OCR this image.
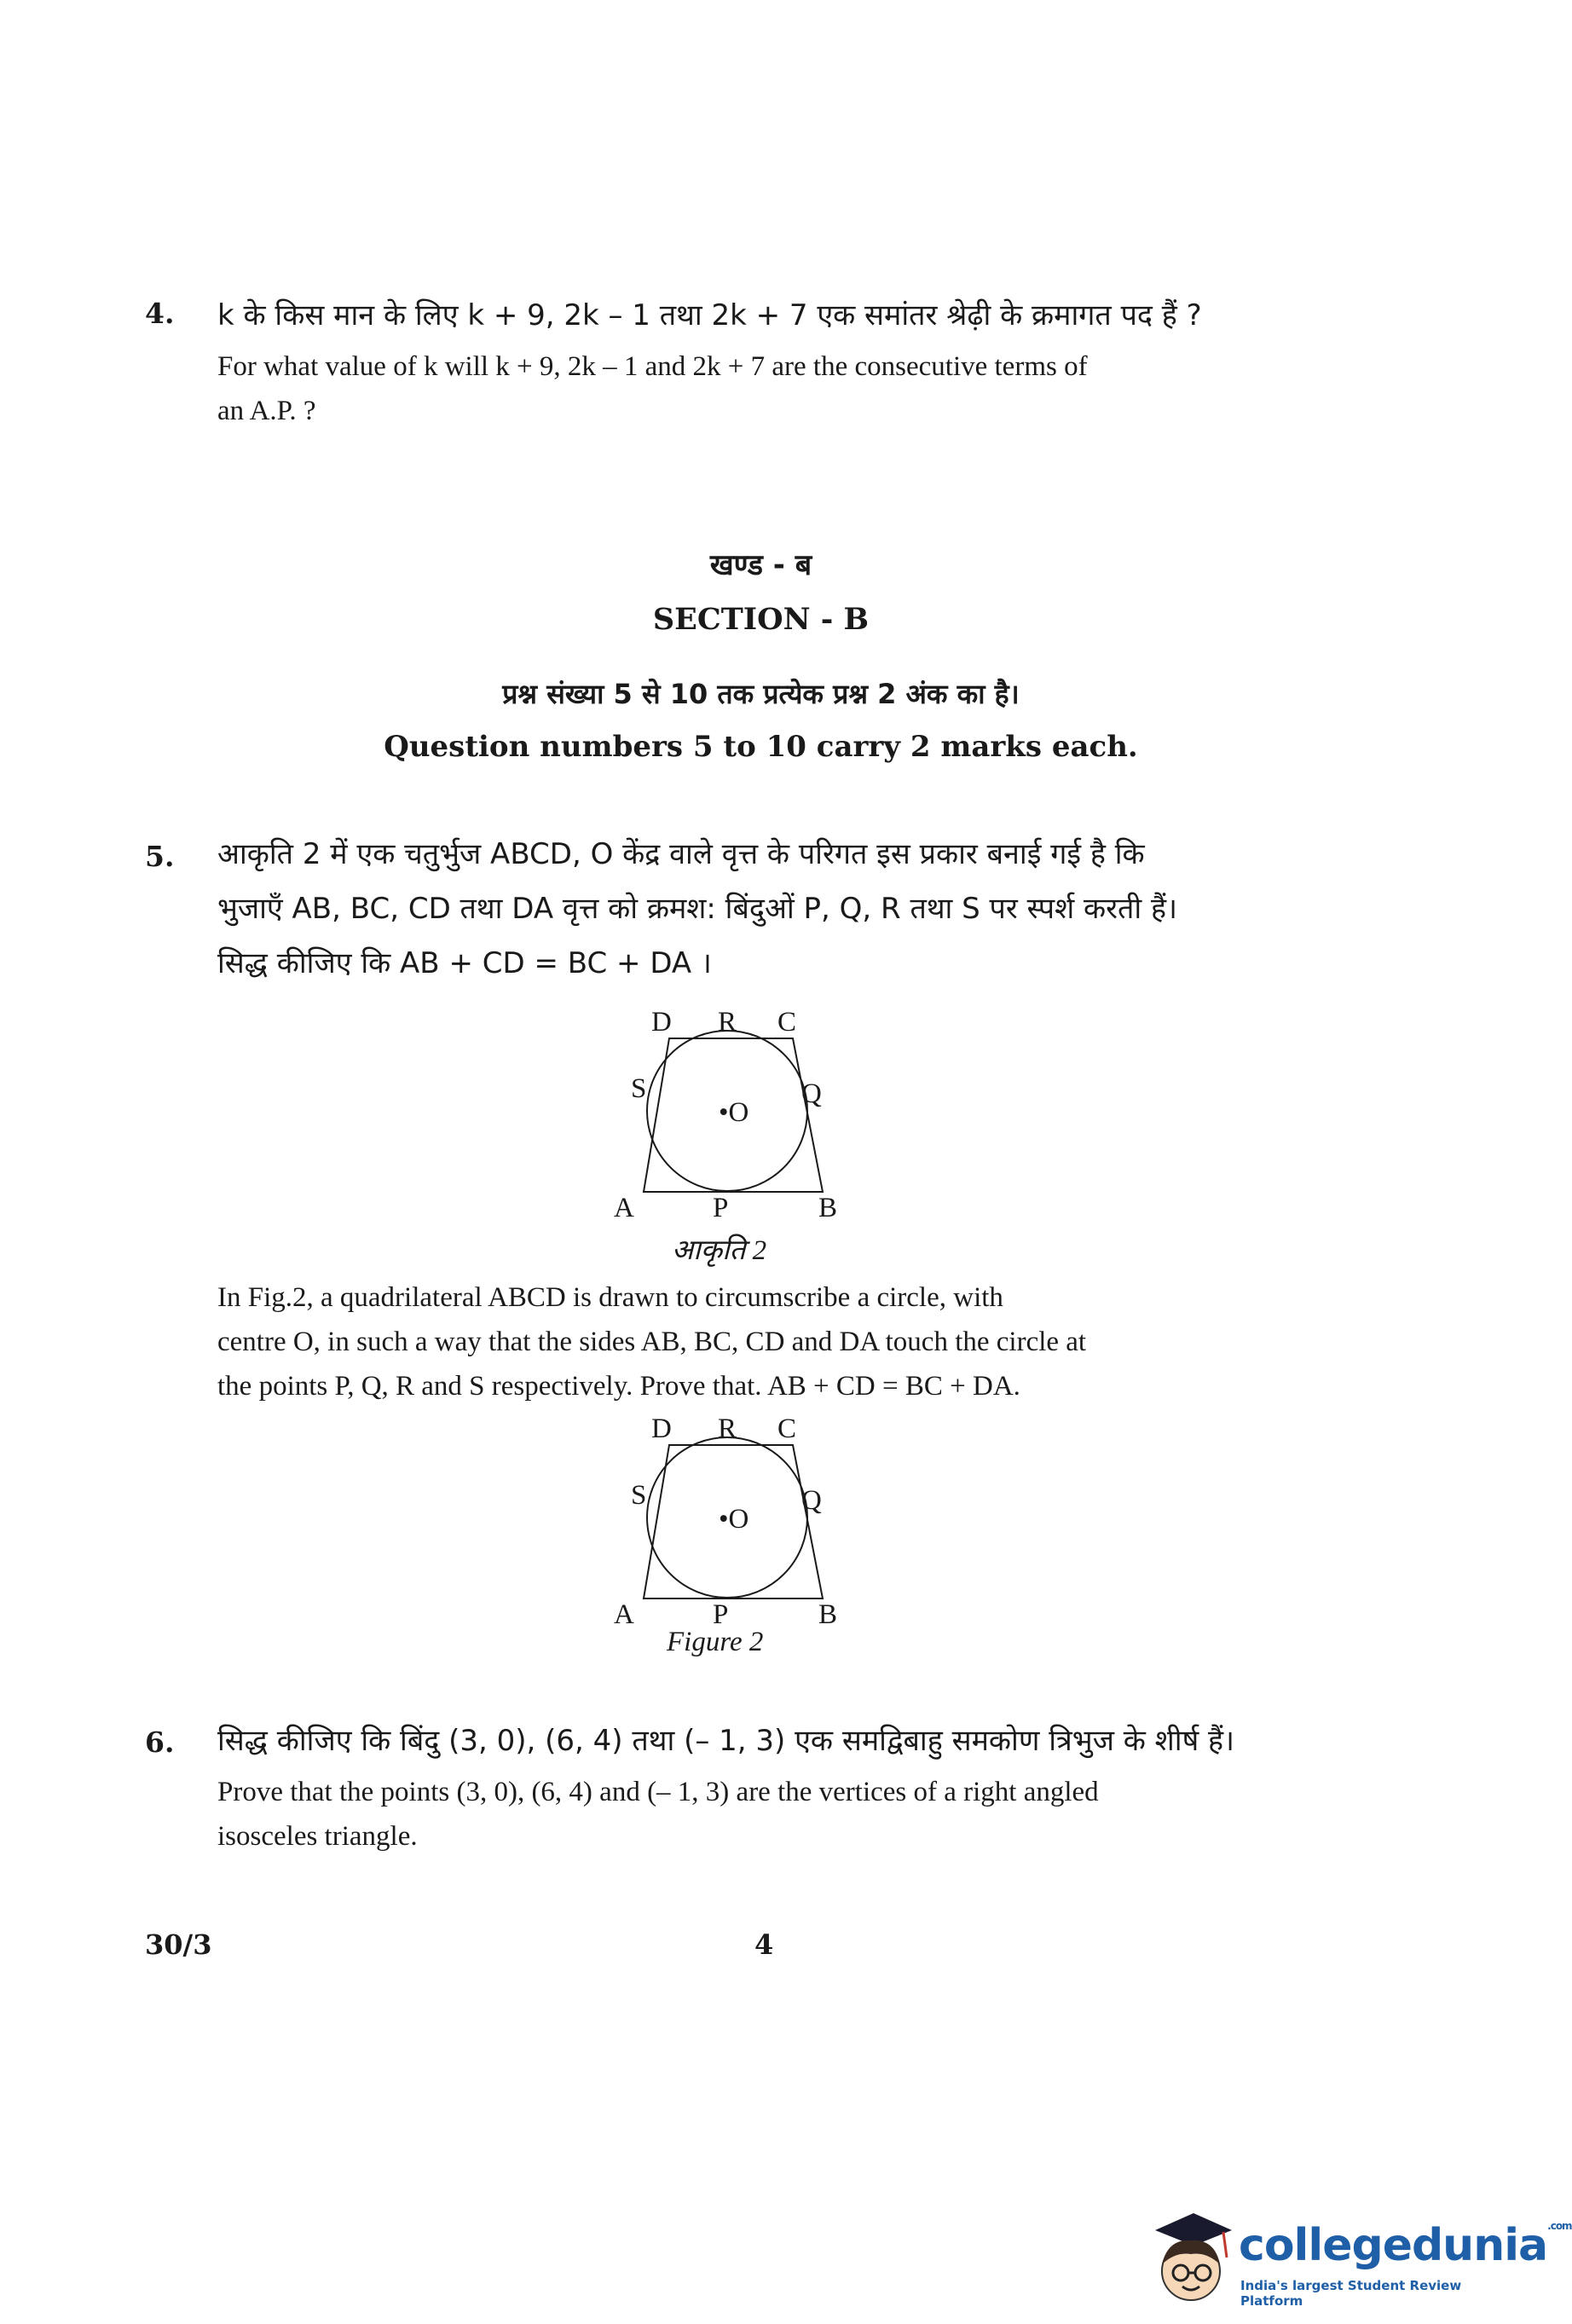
4. k के किस मान के लिए k + 9, 2k – 1 तथा 2k + 7 एक समांतर श्रेढ़ी के क्रमागत पद हैं ?
For what value of k will k + 9, 2k – 1 and 2k + 7 are the consecutive terms of
an A.P. ?
खण्ड - ब
SECTION - B
प्रश्न संख्या 5 से 10 तक प्रत्येक प्रश्न 2 अंक का है।
Question numbers 5 to 10 carry 2 marks each.
5. आकृति 2 में एक चतुर्भुज ABCD, O केंद्र वाले वृत्त के परिगत इस प्रकार बनाई गई है कि
भुजाएँ AB, BC, CD तथा DA वृत्त को क्रमश: बिंदुओं P, Q, R तथा S पर स्पर्श करती हैं।
सिद्ध कीजिए कि AB + CD = BC + DA ।
D R C
S	Q
•O
A	P	B
आकृति 2
In Fig.2, a quadrilateral ABCD is drawn to circumscribe a circle, with
centre O, in such a way that the sides AB, BC, CD and DA touch the circle at
the points P, Q, R and S respectively. Prove that. AB + CD = BC + DA.
D R C
S	Q
•O
A	P	B
Figure 2
6. सिद्ध कीजिए कि बिंदु (3, 0), (6, 4) तथा (– 1, 3) एक समद्विबाहु समकोण त्रिभुज के शीर्ष हैं।
Prove that the points (3, 0), (6, 4) and (– 1, 3) are the vertices of a right angled
isosceles triangle.
30/3	4
collegedunia$^{.com}$
India's largest Student Review Platform
